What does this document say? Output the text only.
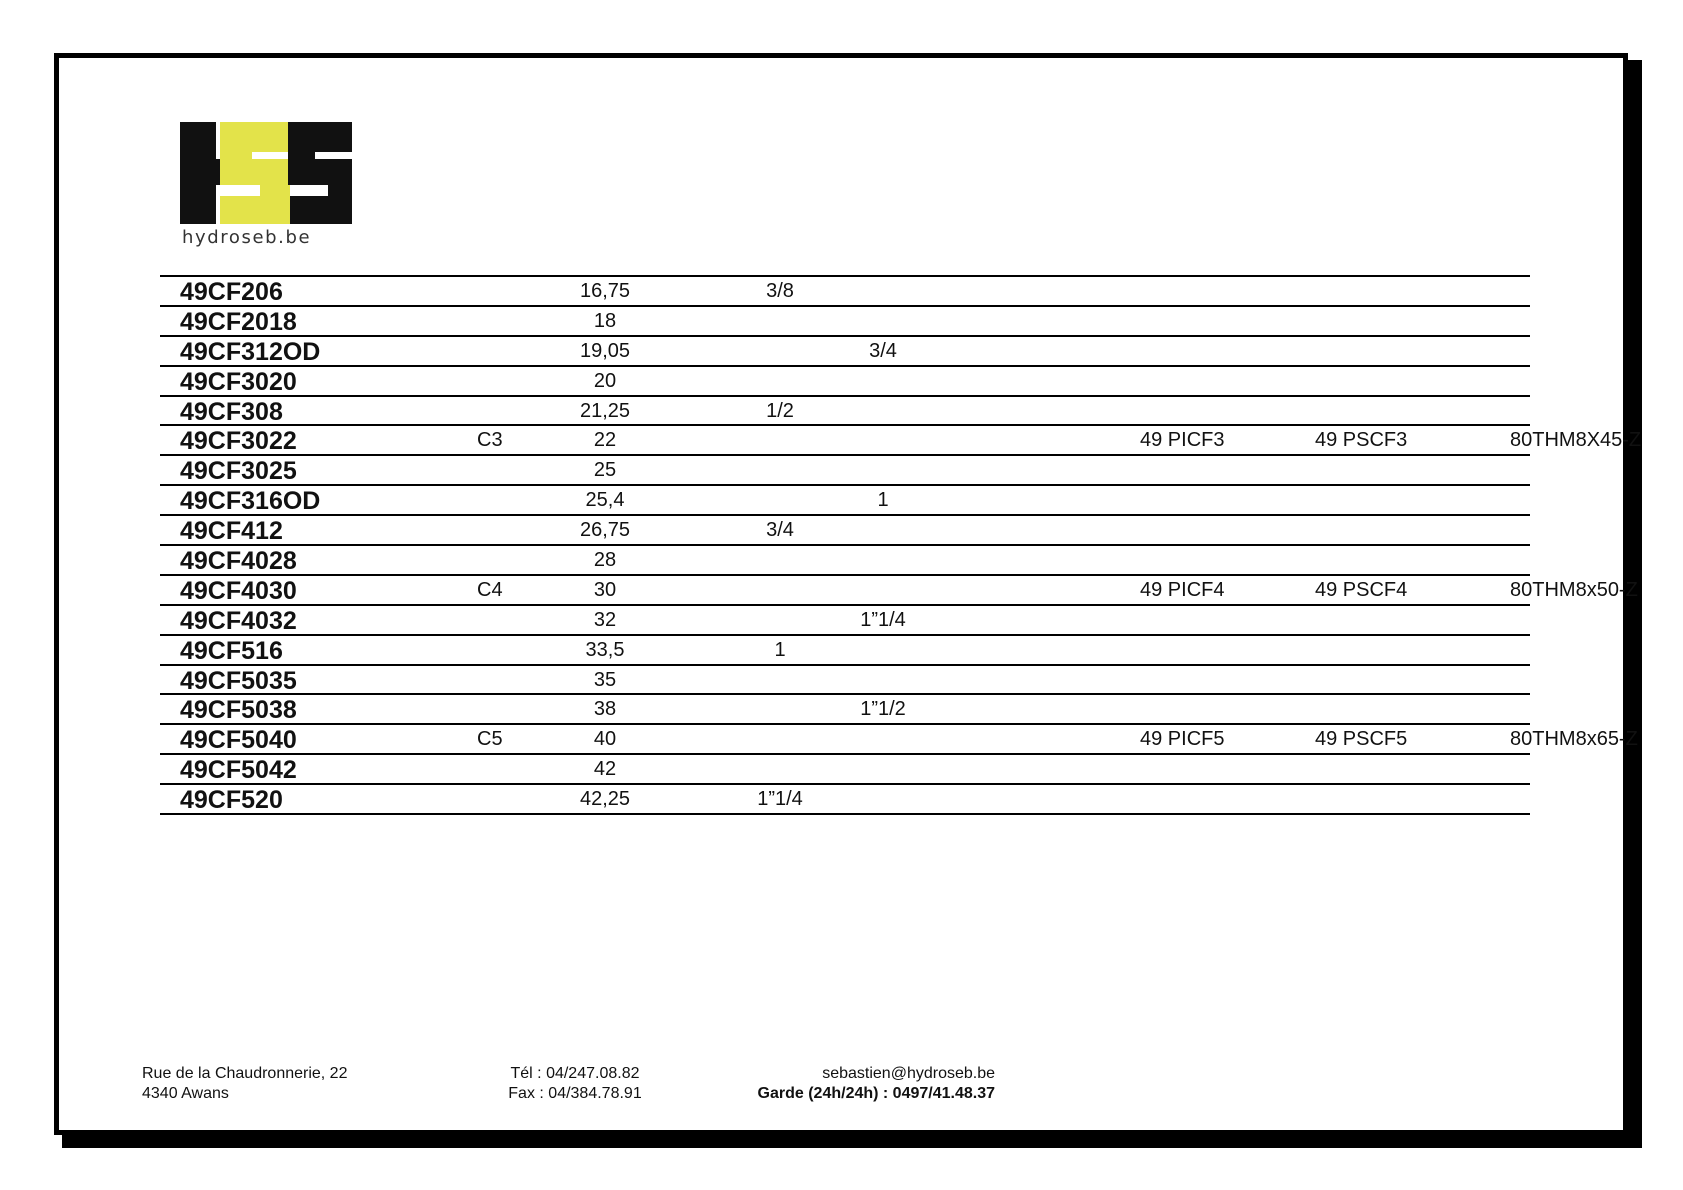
hydroseb.be
49CF206	16,75	3/8
49CF2018	18
49CF312OD	19,05	3/4
49CF3020	20
49CF308	21,25	1/2
49CF3022	C3	22	49 PICF3	49 PSCF3	80THM8X45-Z
49CF3025	25
49CF316OD	25,4	1
49CF412	26,75	3/4
49CF4028	28
49CF4030	C4	30	49 PICF4	49 PSCF4	80THM8x50-Z
49CF4032	32	1”1/4
49CF516	33,5	1
49CF5035	35
49CF5038	38	1”1/2
49CF5040	C5	40	49 PICF5	49 PSCF5	80THM8x65-Z
49CF5042	42
49CF520	42,25	1”1/4
Rue de la Chaudronnerie, 22
4340 Awans
Tél : 04/247.08.82
Fax : 04/384.78.91
sebastien@hydroseb.be
Garde (24h/24h) : 0497/41.48.37
